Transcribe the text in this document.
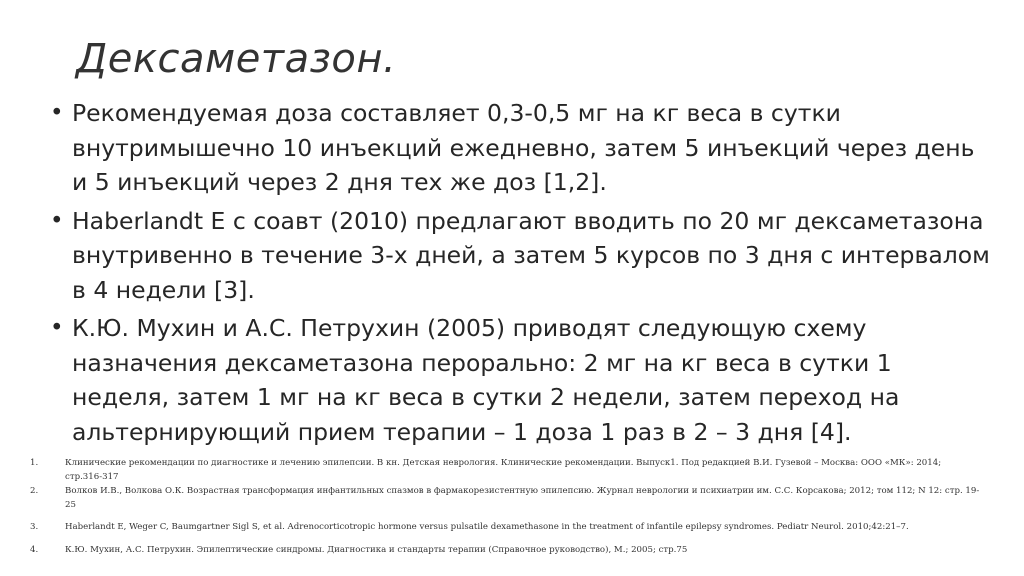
Дексаметазон.
• Рекомендуемая доза составляет 0,3-0,5 мг на кг веса в сутки внутримышечно 10 инъекций ежедневно, затем 5 инъекций через день и 5 инъекций через 2 дня тех же доз [1,2].
• Haberlandt E с соавт (2010) предлагают вводить по 20 мг дексаметазона внутривенно в течение 3-х дней, а затем 5 курсов по 3 дня с интервалом в 4 недели [3].
• К.Ю. Мухин и А.С. Петрухин (2005) приводят следующую схему назначения дексаметазона перорально: 2 мг на кг веса в сутки 1 неделя, затем 1 мг на кг веса в сутки 2 недели, затем переход на альтернирующий прием терапии – 1 доза 1 раз в 2 – 3 дня [4].
1.	Клинические рекомендации по диагностике и лечению эпилепсии. В кн. Детская неврология. Клинические рекомендации. Выпуск1. Под редакцией В.И. Гузевой – Москва: ООО «МК»: 2014; стр.316-317
2.	Волков И.В., Волкова О.К. Возрастная трансформация инфантильных спазмов в фармакорезистентную эпилепсию. Журнал неврологии и психиатрии им. С.С. Корсакова; 2012; том 112; N 12: стр. 19-25
3.	Haberlandt E, Weger C, Baumgartner Sigl S, et al. Adrenocorticotropic hormone versus pulsatile dexamethasone in the treatment of infantile epilepsy syndromes. Pediatr Neurol. 2010;42:21–7.
4.	К.Ю. Мухин, А.С. Петрухин. Эпилептические синдромы. Диагностика и стандарты терапии (Справочное руководство), М.; 2005; стр.75
